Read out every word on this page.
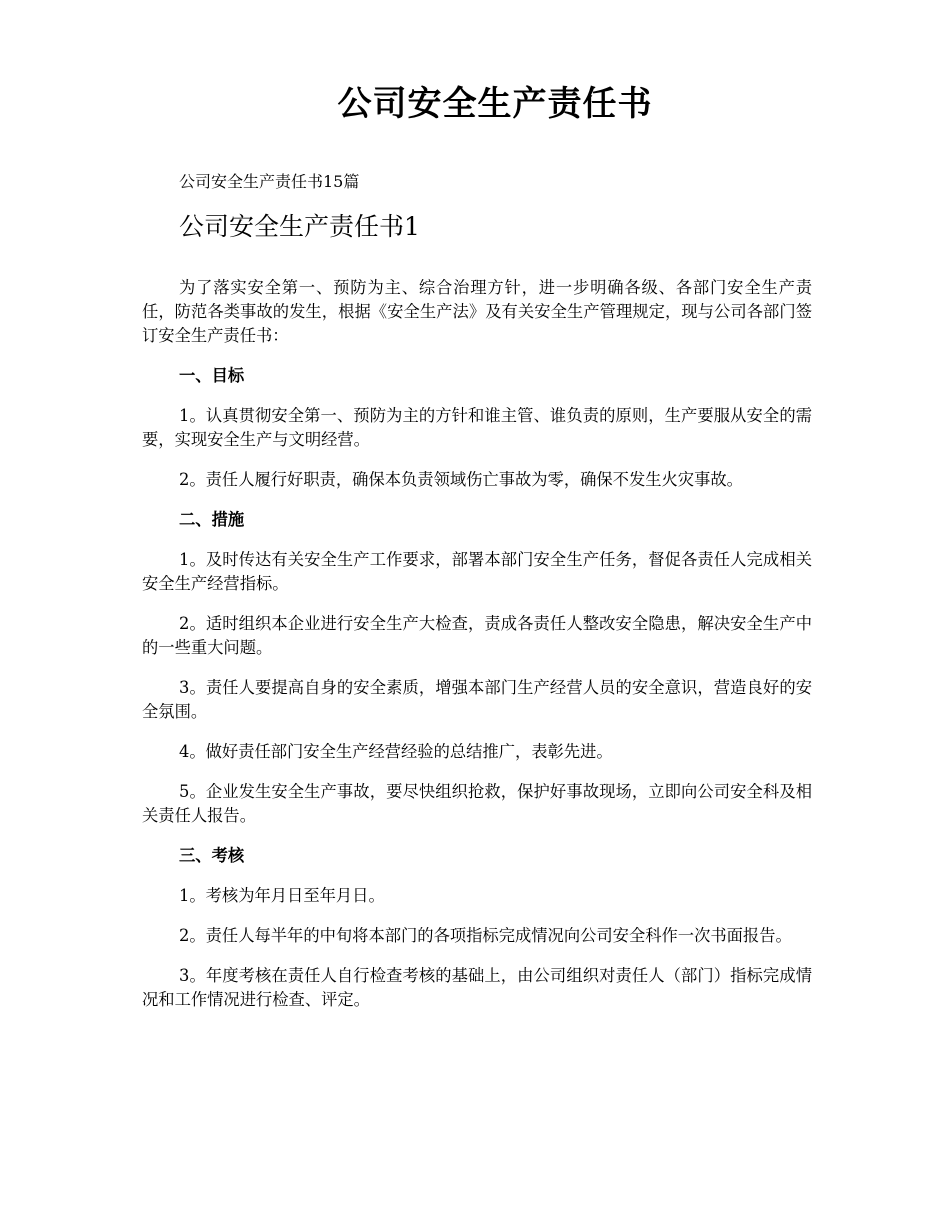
公司安全生产责任书
公司安全生产责任书15篇
公司安全生产责任书1

为了落实安全第一、预防为主、综合治理方针，进一步明确各级、各部门安全生产责任，防范各类事故的发生，根据《安全生产法》及有关安全生产管理规定，现与公司各部门签订安全生产责任书：

一、目标

1。认真贯彻安全第一、预防为主的方针和谁主管、谁负责的原则，生产要服从安全的需要，实现安全生产与文明经营。

2。责任人履行好职责，确保本负责领域伤亡事故为零，确保不发生火灾事故。

二、措施

1。及时传达有关安全生产工作要求，部署本部门安全生产任务，督促各责任人完成相关安全生产经营指标。

2。适时组织本企业进行安全生产大检查，责成各责任人整改安全隐患，解决安全生产中的一些重大问题。

3。责任人要提高自身的安全素质，增强本部门生产经营人员的安全意识，营造良好的安全氛围。

4。做好责任部门安全生产经营经验的总结推广，表彰先进。

5。企业发生安全生产事故，要尽快组织抢救，保护好事故现场，立即向公司安全科及相关责任人报告。

三、考核

1。考核为年月日至年月日。

2。责任人每半年的中旬将本部门的各项指标完成情况向公司安全科作一次书面报告。

3。年度考核在责任人自行检查考核的基础上，由公司组织对责任人（部门）指标完成情况和工作情况进行检查、评定。
